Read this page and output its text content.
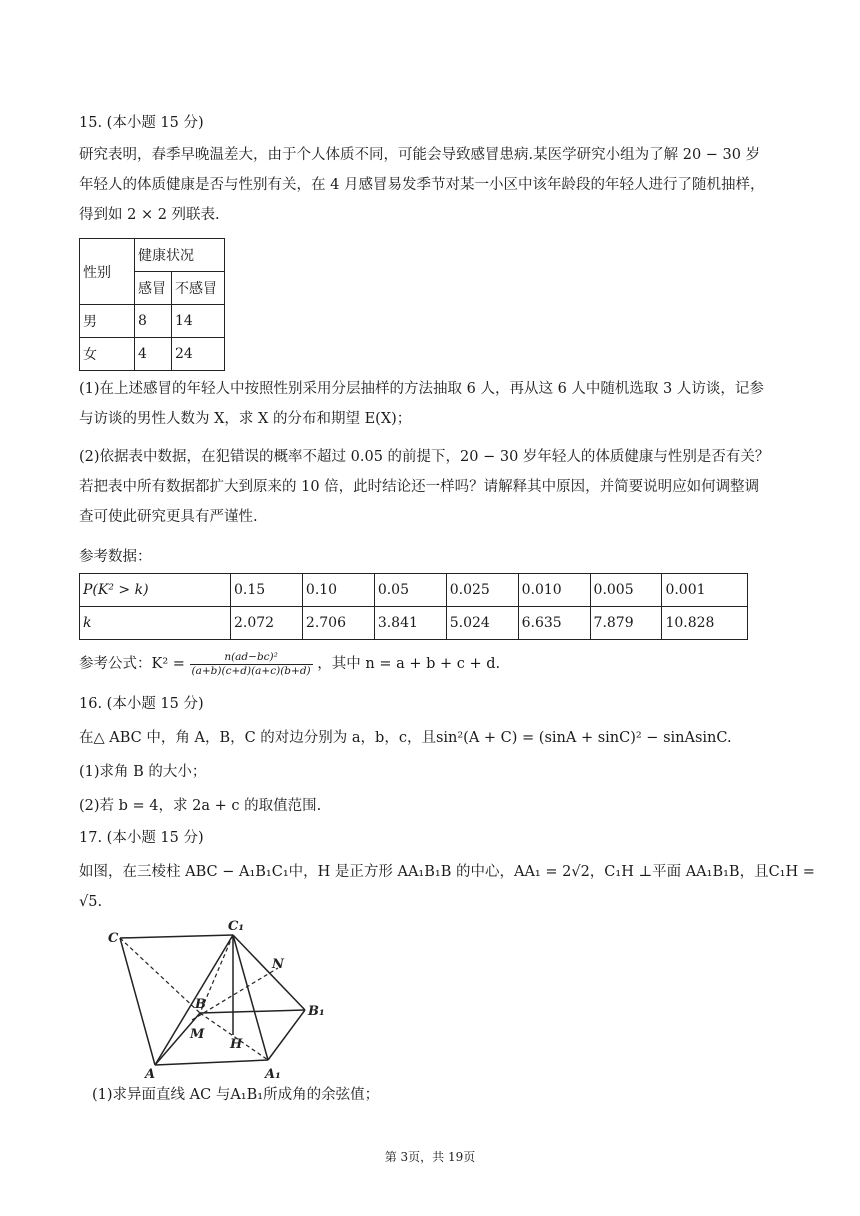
15. (本小题 15 分)
研究表明，春季早晚温差大，由于个人体质不同，可能会导致感冒患病.某医学研究小组为了解 20 − 30 岁
年轻人的体质健康是否与性别有关，在 4 月感冒易发季节对某一小区中该年龄段的年轻人进行了随机抽样，
得到如 2 × 2 列联表.
性别	健康状况	
	感冒	不感冒
男	8	14
女	4	24
(1)在上述感冒的年轻人中按照性别采用分层抽样的方法抽取 6 人，再从这 6 人中随机选取 3 人访谈，记参
与访谈的男性人数为 X，求 X 的分布和期望 E(X)；
(2)依据表中数据，在犯错误的概率不超过 0.05 的前提下，20 − 30 岁年轻人的体质健康与性别是否有关？
若把表中所有数据都扩大到原来的 10 倍，此时结论还一样吗？请解释其中原因，并简要说明应如何调整调
查可使此研究更具有严谨性.
参考数据：
P(K² > k)	0.15	0.10	0.05	0.025	0.010	0.005	0.001
k	2.072	2.706	3.841	5.024	6.635	7.879	10.828
参考公式：$K^2 = \frac{\text{n(ad−bc)²}}{(a+b)(c+d)(a+c)(b+d)}$ ，其中 n = a + b + c + d.
16. (本小题 15 分)
在△ ABC 中，角 A，B，C 的对边分别为 a，b，c，且sin²(A + C) = (sinA + sinC)² − sinAsinC.
(1)求角 B 的大小；
(2)若 b = 4，求 2a + c 的取值范围.
17. (本小题 15 分)
如图，在三棱柱 ABC − A₁B₁C₁中，H 是正方形 AA₁B₁B 的中心，AA₁ = 2√2，C₁H ⊥平面 AA₁B₁B，且C₁H =
√5.
C
C₁
N
B	B₁
M
H
A	A₁
(1)求异面直线 AC 与A₁B₁所成角的余弦值；
第 3页，共 19页
